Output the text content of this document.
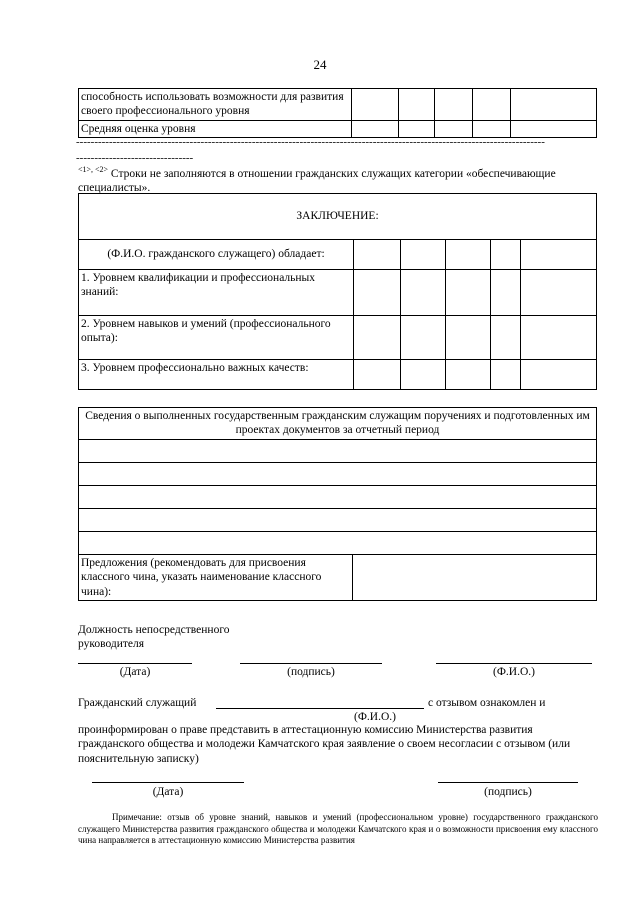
24
способность использовать возможности для развития своего профессионального уровня					
Средняя оценка уровня					
--------------------------------------------------------------------------------------------------------------------------------
--------------------------------
$^{<1>, <2>}$ Строки не заполняются в отношении гражданских служащих категории «обеспечивающие специалисты».
ЗАКЛЮЧЕНИЕ:					
(Ф.И.О. гражданского служащего) обладает:					
1. Уровнем квалификации и профессиональных знаний:					
2. Уровнем навыков и умений (профессионального опыта):					
3. Уровнем профессионально важных качеств:					
Сведения о выполненных государственным гражданским служащим поручениях и подготовленных им проектах документов за отчетный период

Предложения (рекомендовать для присвоения классного чина, указать наименование классного чина):	
Должность непосредственного руководителя
(Дата)	(подпись)	(Ф.И.О.)
Гражданский служащий	с отзывом ознакомлен и
(Ф.И.О.)
проинформирован о праве представить в аттестационную комиссию Министерства развития гражданского общества и молодежи Камчатского края заявление о своем несогласии с отзывом (или пояснительную записку)
(Дата)	(подпись)
Примечание: отзыв об уровне знаний, навыков и умений (профессиональном уровне) государственного гражданского служащего Министерства развития гражданского общества и молодежи Камчатского края и о возможности присвоения ему классного чина направляется в аттестационную комиссию Министерства развития
